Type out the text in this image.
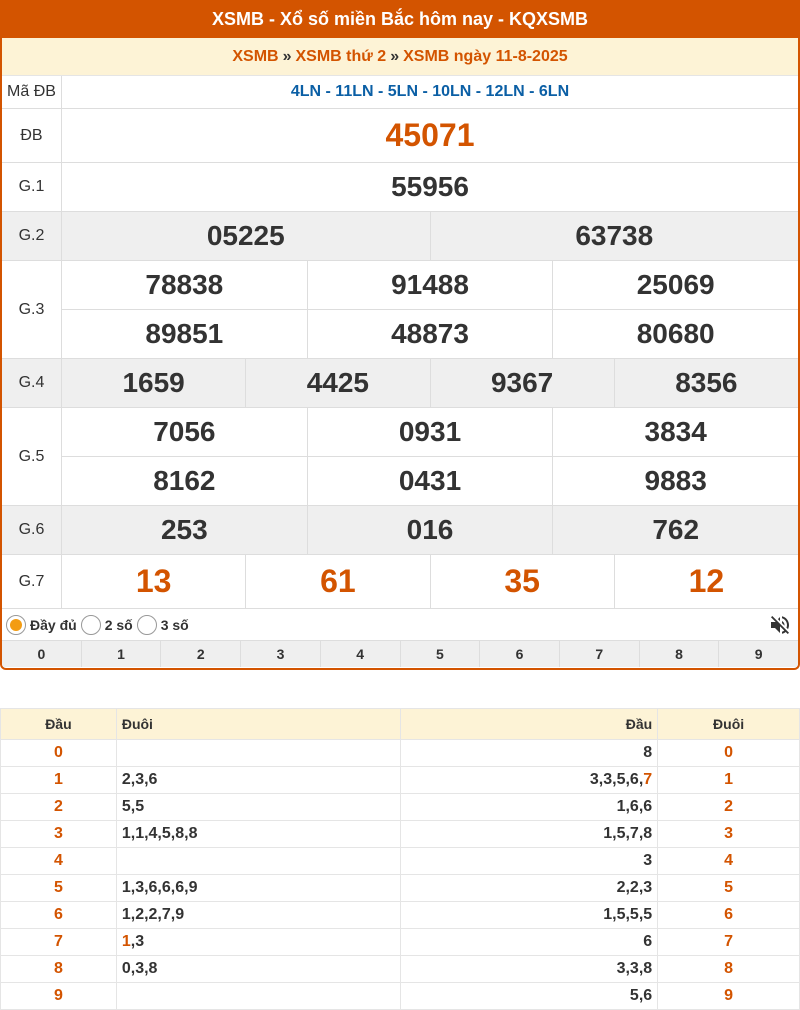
XSMB - Xổ số miền Bắc hôm nay - KQXSMB
XSMB » XSMB thứ 2 » XSMB ngày 11-8-2025
Mã ĐB	4LN - 11LN - 5LN - 10LN - 12LN - 6LN
ĐB	45071
G.1	55956
G.2	05225	63738
G.3
78838	91488	25069
89851	48873	80680
G.4	1659	4425	9367	8356
G.5
7056	0931	3834
8162	0431	9883
G.6	253	016	762
G.7	13	61	35	12
Đầy đủ 2 số 3 số
0	1	2	3	4	5	6	7	8	9
Đầu	Đuôi	Đầu	Đuôi
0		8	0
1	2,3,6	3,3,5,6,7	1
2	5,5	1,6,6	2
3	1,1,4,5,8,8	1,5,7,8	3
4		3	4
5	1,3,6,6,6,9	2,2,3	5
6	1,2,2,7,9	1,5,5,5	6
7	1,3	6	7
8	0,3,8	3,3,8	8
9		5,6	9
